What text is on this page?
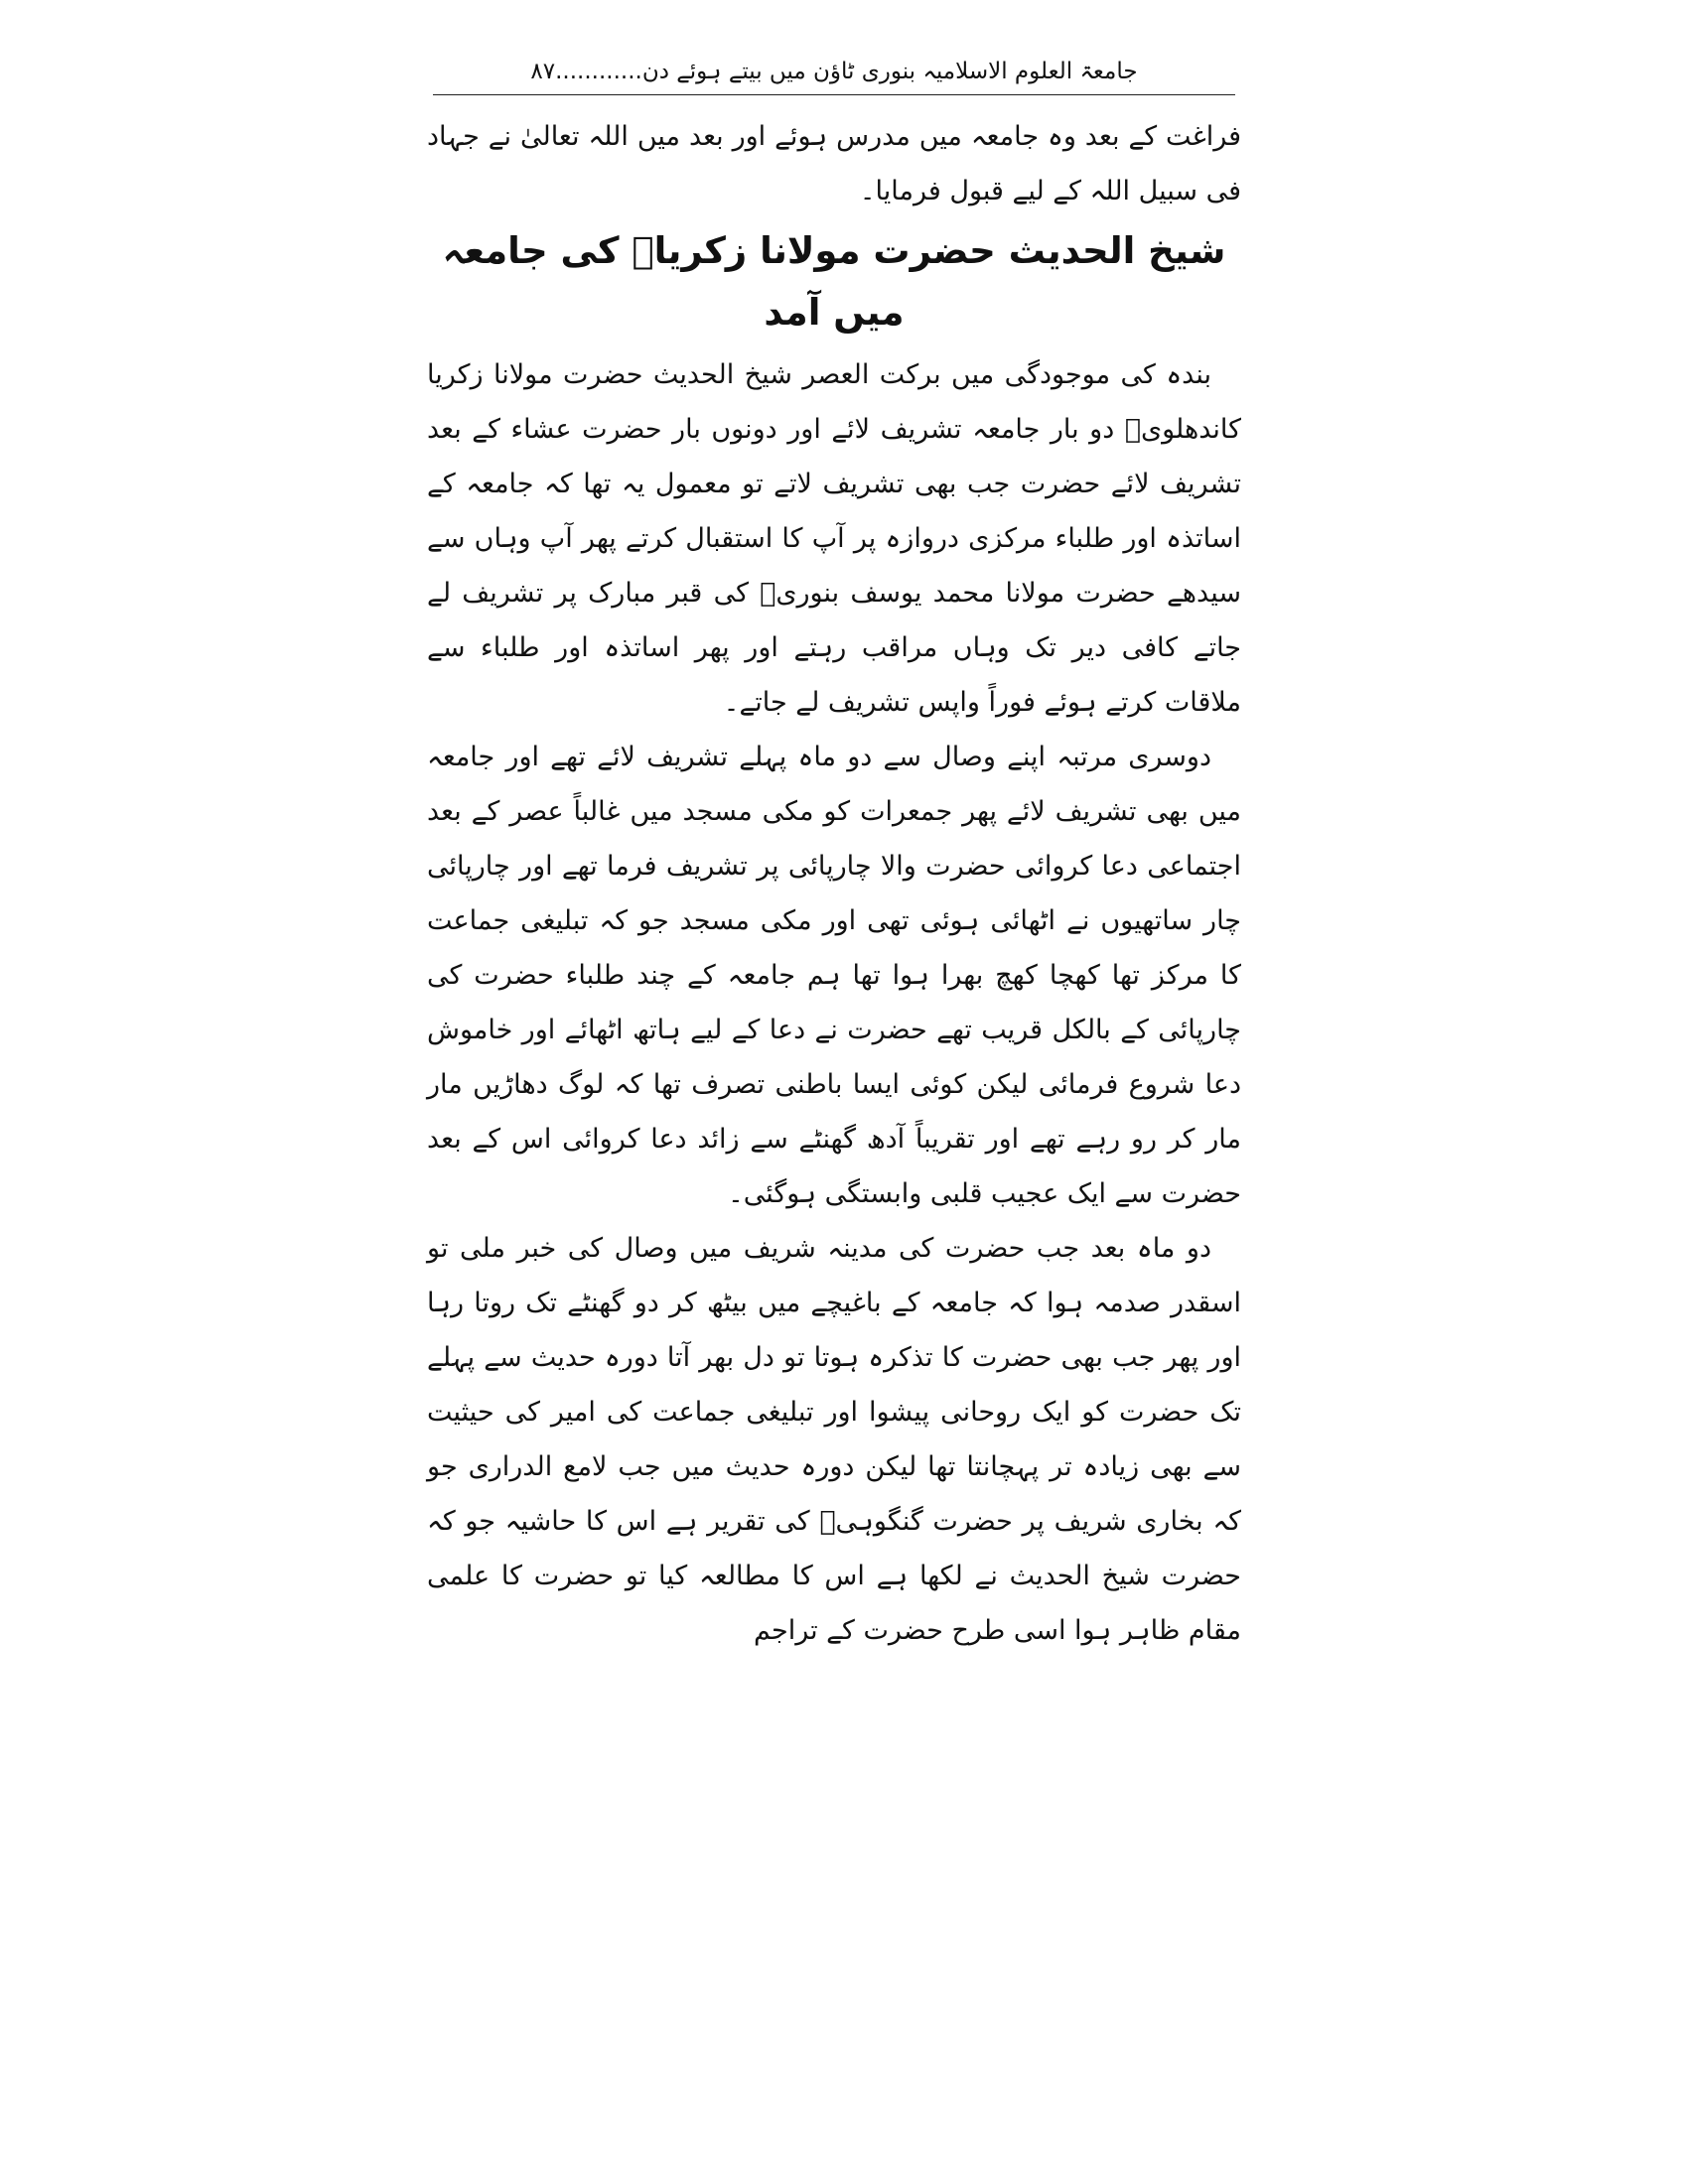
جامعۃ العلوم الاسلامیہ بنوری ٹاؤن میں بیتے ہوئے دن............۸۷

فراغت کے بعد وہ جامعہ میں مدرس ہوئے اور بعد میں اللہ تعالیٰ نے جہاد فی سبیل اللہ کے لیے قبول فرمایا۔

شیخ الحدیث حضرت مولانا زکریاؒ کی جامعہ میں آمد

بندہ کی موجودگی میں برکت العصر شیخ الحدیث حضرت مولانا زکریا کاندھلویؒ دو بار جامعہ تشریف لائے اور دونوں بار حضرت عشاء کے بعد تشریف لائے حضرت جب بھی تشریف لاتے تو معمول یہ تھا کہ جامعہ کے اساتذہ اور طلباء مرکزی دروازہ پر آپ کا استقبال کرتے پھر آپ وہاں سے سیدھے حضرت مولانا محمد یوسف بنوریؒ کی قبر مبارک پر تشریف لے جاتے کافی دیر تک وہاں مراقب رہتے اور پھر اساتذہ اور طلباء سے ملاقات کرتے ہوئے فوراً واپس تشریف لے جاتے۔

دوسری مرتبہ اپنے وصال سے دو ماہ پہلے تشریف لائے تھے اور جامعہ میں بھی تشریف لائے پھر جمعرات کو مکی مسجد میں غالباً عصر کے بعد اجتماعی دعا کروائی حضرت والا چارپائی پر تشریف فرما تھے اور چارپائی چار ساتھیوں نے اٹھائی ہوئی تھی اور مکی مسجد جو کہ تبلیغی جماعت کا مرکز تھا کھچا کھچ بھرا ہوا تھا ہم جامعہ کے چند طلباء حضرت کی چارپائی کے بالکل قریب تھے حضرت نے دعا کے لیے ہاتھ اٹھائے اور خاموش دعا شروع فرمائی لیکن کوئی ایسا باطنی تصرف تھا کہ لوگ دھاڑیں مار مار کر رو رہے تھے اور تقریباً آدھ گھنٹے سے زائد دعا کروائی اس کے بعد حضرت سے ایک عجیب قلبی وابستگی ہوگئی۔

دو ماہ بعد جب حضرت کی مدینہ شریف میں وصال کی خبر ملی تو اسقدر صدمہ ہوا کہ جامعہ کے باغیچے میں بیٹھ کر دو گھنٹے تک روتا رہا اور پھر جب بھی حضرت کا تذکرہ ہوتا تو دل بھر آتا دورہ حدیث سے پہلے تک حضرت کو ایک روحانی پیشوا اور تبلیغی جماعت کی امیر کی حیثیت سے بھی زیادہ تر پہچانتا تھا لیکن دورہ حدیث میں جب لامع الدراری جو کہ بخاری شریف پر حضرت گنگوہیؒ کی تقریر ہے اس کا حاشیہ جو کہ حضرت شیخ الحدیث نے لکھا ہے اس کا مطالعہ کیا تو حضرت کا علمی مقام ظاہر ہوا اسی طرح حضرت کے تراجم
